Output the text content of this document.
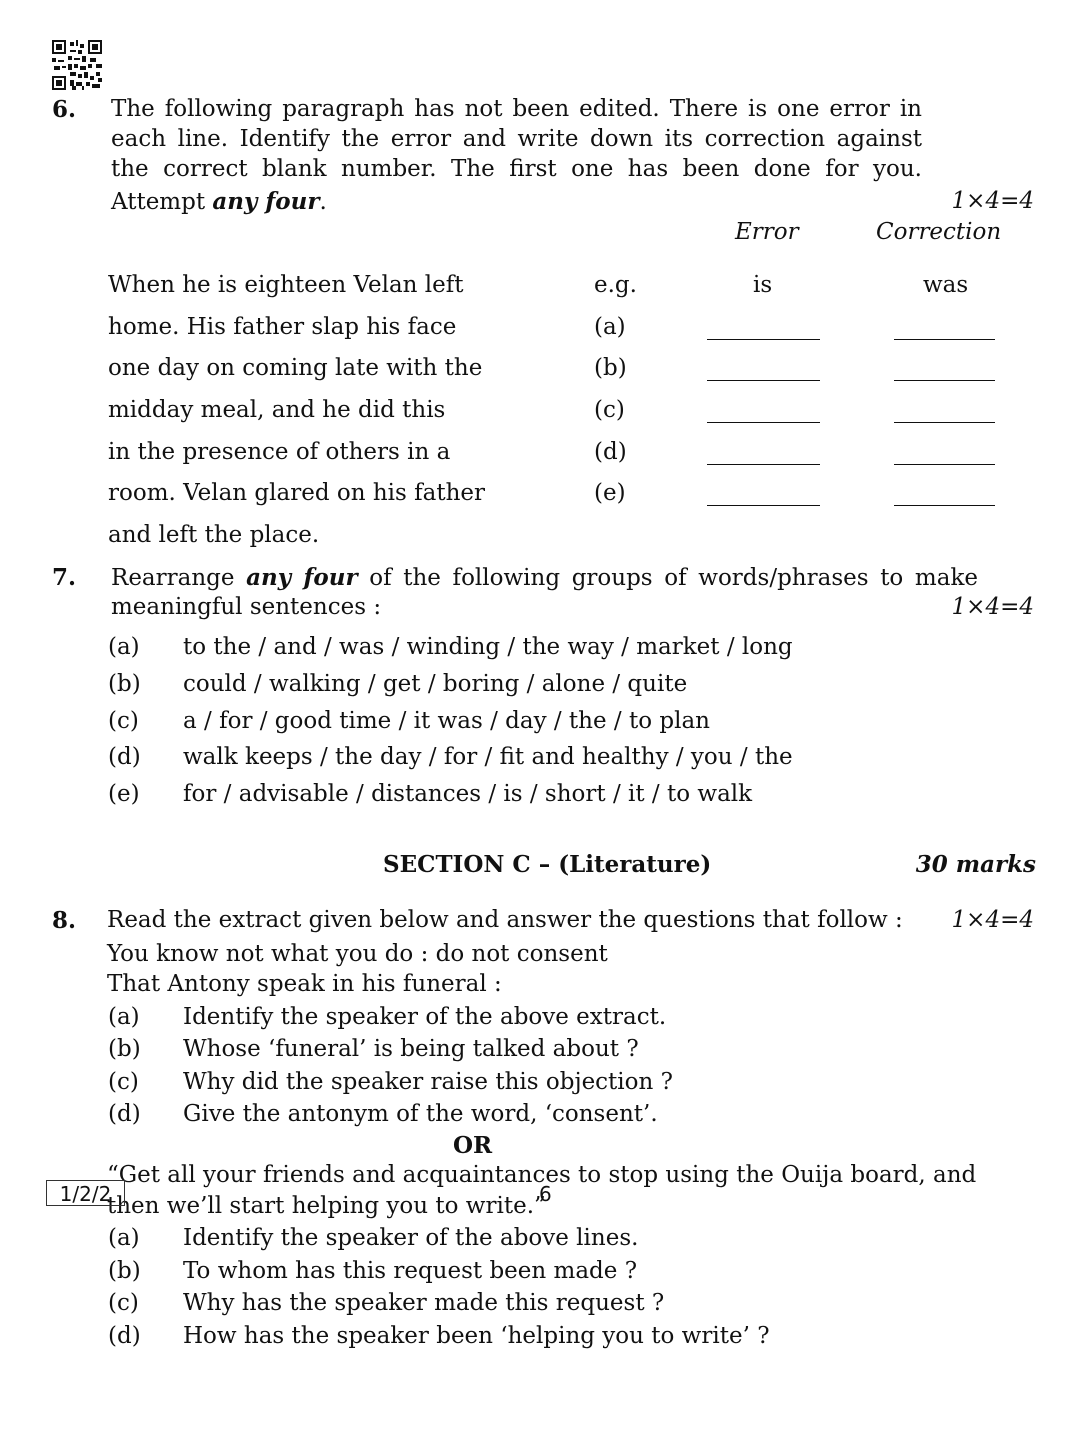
6. The following paragraph has not been edited. There is one error in
each line. Identify the error and write down its correction against
the correct blank number. The first one has been done for you.
Attempt any four.	1×4=4
Error	Correction
When he is eighteen Velan left	e.g.	is	was
home. His father slap his face	(a)
one day on coming late with the	(b)
midday meal, and he did this	(c)
in the presence of others in a	(d)
room. Velan glared on his father	(e)
and left the place.
7. Rearrange any four of the following groups of words/phrases to make
meaningful sentences :	1×4=4
(a) to the / and / was / winding / the way / market / long
(b) could / walking / get / boring / alone / quite
(c) a / for / good time / it was / day / the / to plan
(d) walk keeps / the day / for / fit and healthy / you / the
(e) for / advisable / distances / is / short / it / to walk
SECTION C – (Literature)	30 marks
8. Read the extract given below and answer the questions that follow : 1×4=4
You know not what you do : do not consent
That Antony speak in his funeral :
(a) Identify the speaker of the above extract.
(b) Whose ‘funeral’ is being talked about ?
(c) Why did the speaker raise this objection ?
(d) Give the antonym of the word, ‘consent’.
OR
“Get all your friends and acquaintances to stop using the Ouija board, and
then we’ll start helping you to write.”
(a) Identify the speaker of the above lines.
(b) To whom has this request been made ?
(c) Why has the speaker made this request ?
(d) How has the speaker been ‘helping you to write’ ?
1/2/2	6
